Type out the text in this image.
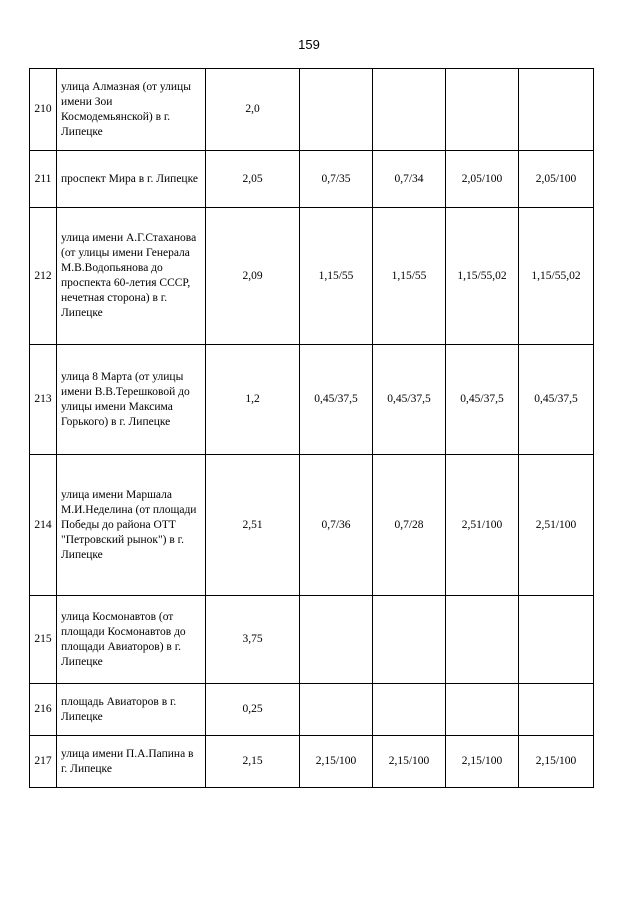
159
210	улица Алмазная (от улицы имени Зои Космодемьянской) в г. Липецке	2,0				
211	проспект Мира в г. Липецке	2,05	0,7/35	0,7/34	2,05/100	2,05/100
212	улица имени А.Г.Стаханова (от улицы имени Генерала М.В.Водопьянова до проспекта 60-летия СССР, нечетная сторона) в г. Липецке	2,09	1,15/55	1,15/55	1,15/55,02	1,15/55,02
213	улица 8 Марта (от улицы имени В.В.Терешковой до улицы имени Максима Горького) в г. Липецке	1,2	0,45/37,5	0,45/37,5	0,45/37,5	0,45/37,5
214	улица имени Маршала М.И.Неделина (от площади Победы до района ОТТ "Петровский рынок") в г. Липецке	2,51	0,7/36	0,7/28	2,51/100	2,51/100
215	улица Космонавтов (от площади Космонавтов до площади Авиаторов) в г. Липецке	3,75				
216	площадь Авиаторов в г. Липецке	0,25				
217	улица имени П.А.Папина в г. Липецке	2,15	2,15/100	2,15/100	2,15/100	2,15/100
